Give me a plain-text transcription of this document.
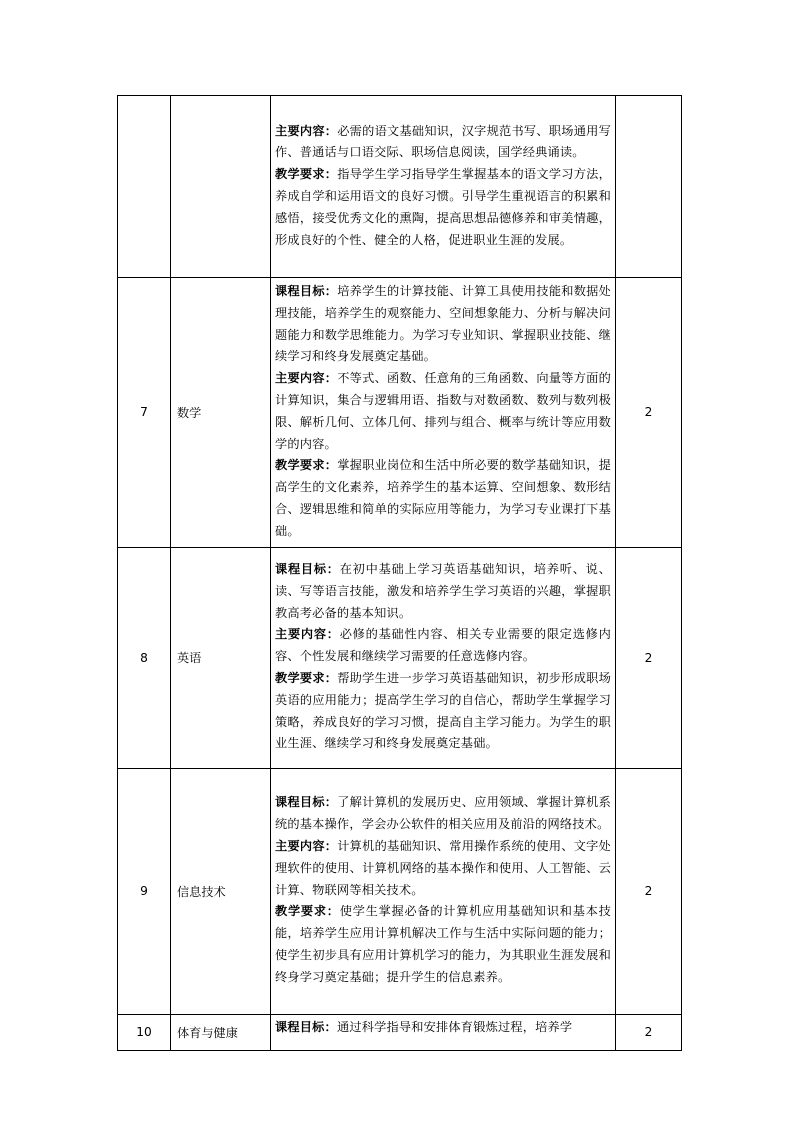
		主要内容：必需的语文基础知识，汉字规范书写、职场通用写作、普通话与口语交际、职场信息阅读，国学经典诵读。

教学要求：指导学生学习指导学生掌握基本的语文学习方法，养成自学和运用语文的良好习惯。引导学生重视语言的积累和感悟，接受优秀文化的熏陶，提高思想品德修养和审美情趣，形成良好的个性、健全的人格，促进职业生涯的发展。	

7	数学	课程目标：培养学生的计算技能、计算工具使用技能和数据处理技能，培养学生的观察能力、空间想象能力、分析与解决问题能力和数学思维能力。为学习专业知识、掌握职业技能、继续学习和终身发展奠定基础。

主要内容：不等式、函数、任意角的三角函数、向量等方面的计算知识，集合与逻辑用语、指数与对数函数、数列与数列极限、解析几何、立体几何、排列与组合、概率与统计等应用数学的内容。

教学要求：掌握职业岗位和生活中所必要的数学基础知识，提高学生的文化素养，培养学生的基本运算、空间想象、数形结合、逻辑思维和简单的实际应用等能力，为学习专业课打下基础。	2
8	英语	课程目标：在初中基础上学习英语基础知识，培养听、说、读、写等语言技能，激发和培养学生学习英语的兴趣，掌握职教高考必备的基本知识。

主要内容：必修的基础性内容、相关专业需要的限定选修内容、个性发展和继续学习需要的任意选修内容。

教学要求：帮助学生进一步学习英语基础知识，初步形成职场英语的应用能力；提高学生学习的自信心，帮助学生掌握学习策略，养成良好的学习习惯，提高自主学习能力。为学生的职业生涯、继续学习和终身发展奠定基础。	2
9	信息技术	课程目标：了解计算机的发展历史、应用领域、掌握计算机系统的基本操作，学会办公软件的相关应用及前沿的网络技术。

主要内容：计算机的基础知识、常用操作系统的使用、文字处理软件的使用、计算机网络的基本操作和使用、人工智能、云计算、物联网等相关技术。

教学要求：使学生掌握必备的计算机应用基础知识和基本技能，培养学生应用计算机解决工作与生活中实际问题的能力；使学生初步具有应用计算机学习的能力，为其职业生涯发展和终身学习奠定基础；提升学生的信息素养。	2
10	体育与健康	课程目标：通过科学指导和安排体育锻炼过程，培养学	2
